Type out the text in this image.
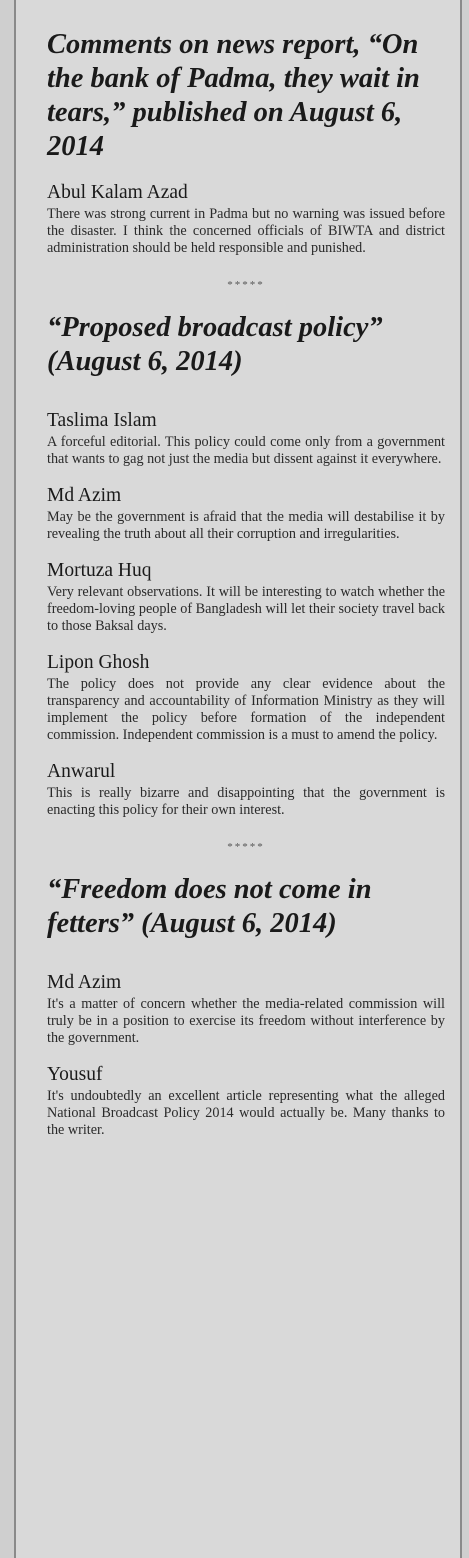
Comments on news report, “On the bank of Padma, they wait in tears,” published on August 6, 2014
Abul Kalam Azad

There was strong current in Padma but no warning was issued before the disaster. I think the concerned officials of BIWTA and district administration should be held responsible and punished.

*****
“Proposed broadcast policy” (August 6, 2014)
Taslima Islam

A forceful editorial. This policy could come only from a government that wants to gag not just the media but dissent against it everywhere.

Md Azim

May be the government is afraid that the media will destabilise it by revealing the truth about all their corruption and irregularities.

Mortuza Huq

Very relevant observations. It will be interesting to watch whether the freedom-loving people of Bangladesh will let their society travel back to those Baksal days.

Lipon Ghosh

The policy does not provide any clear evidence about the transparency and accountability of Information Ministry as they will implement the policy before formation of the independent commission. Independent commission is a must to amend the policy.

Anwarul

This is really bizarre and disappointing that the government is enacting this policy for their own interest.

*****
“Freedom does not come in fetters” (August 6, 2014)
Md Azim

It's a matter of concern whether the media-related commission will truly be in a position to exercise its freedom without interference by the government.

Yousuf

It's undoubtedly an excellent article representing what the alleged National Broadcast Policy 2014 would actually be. Many thanks to the writer.
